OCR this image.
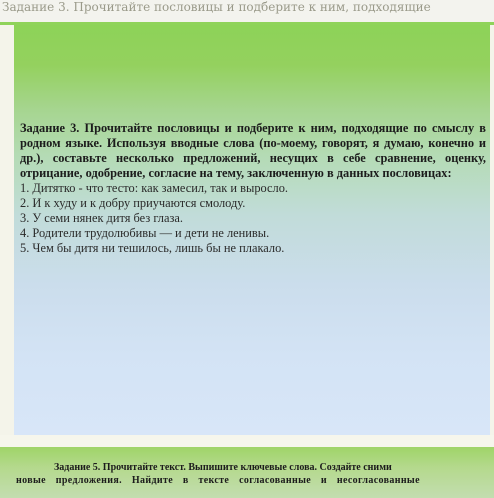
Задание 3. Прочитайте пословицы и подберите к ним, подходящие

Задание 3. Прочитайте пословицы и подберите к ним, подходящие по смыслу в родном языке. Используя вводные слова (по-моему, говорят, я думаю, конечно и др.), составьте несколько предложений, несущих в себе сравнение, оценку, отрицание, одобрение, согласие на тему, заключенную в данных пословицах:

1. Дитятко - что тесто: как замесил, так и выросло.
2. И к худу и к добру приучаются смолоду.
3. У семи нянек дитя без глаза.
4. Родители трудолюбивы — и дети не ленивы.
5. Чем бы дитя ни тешилось, лишь бы не плакало.
Задание 5. Прочитайте текст. Выпишите ключевые слова. Создайте сними
новые предложения. Найдите в тексте согласованные и несогласованные
